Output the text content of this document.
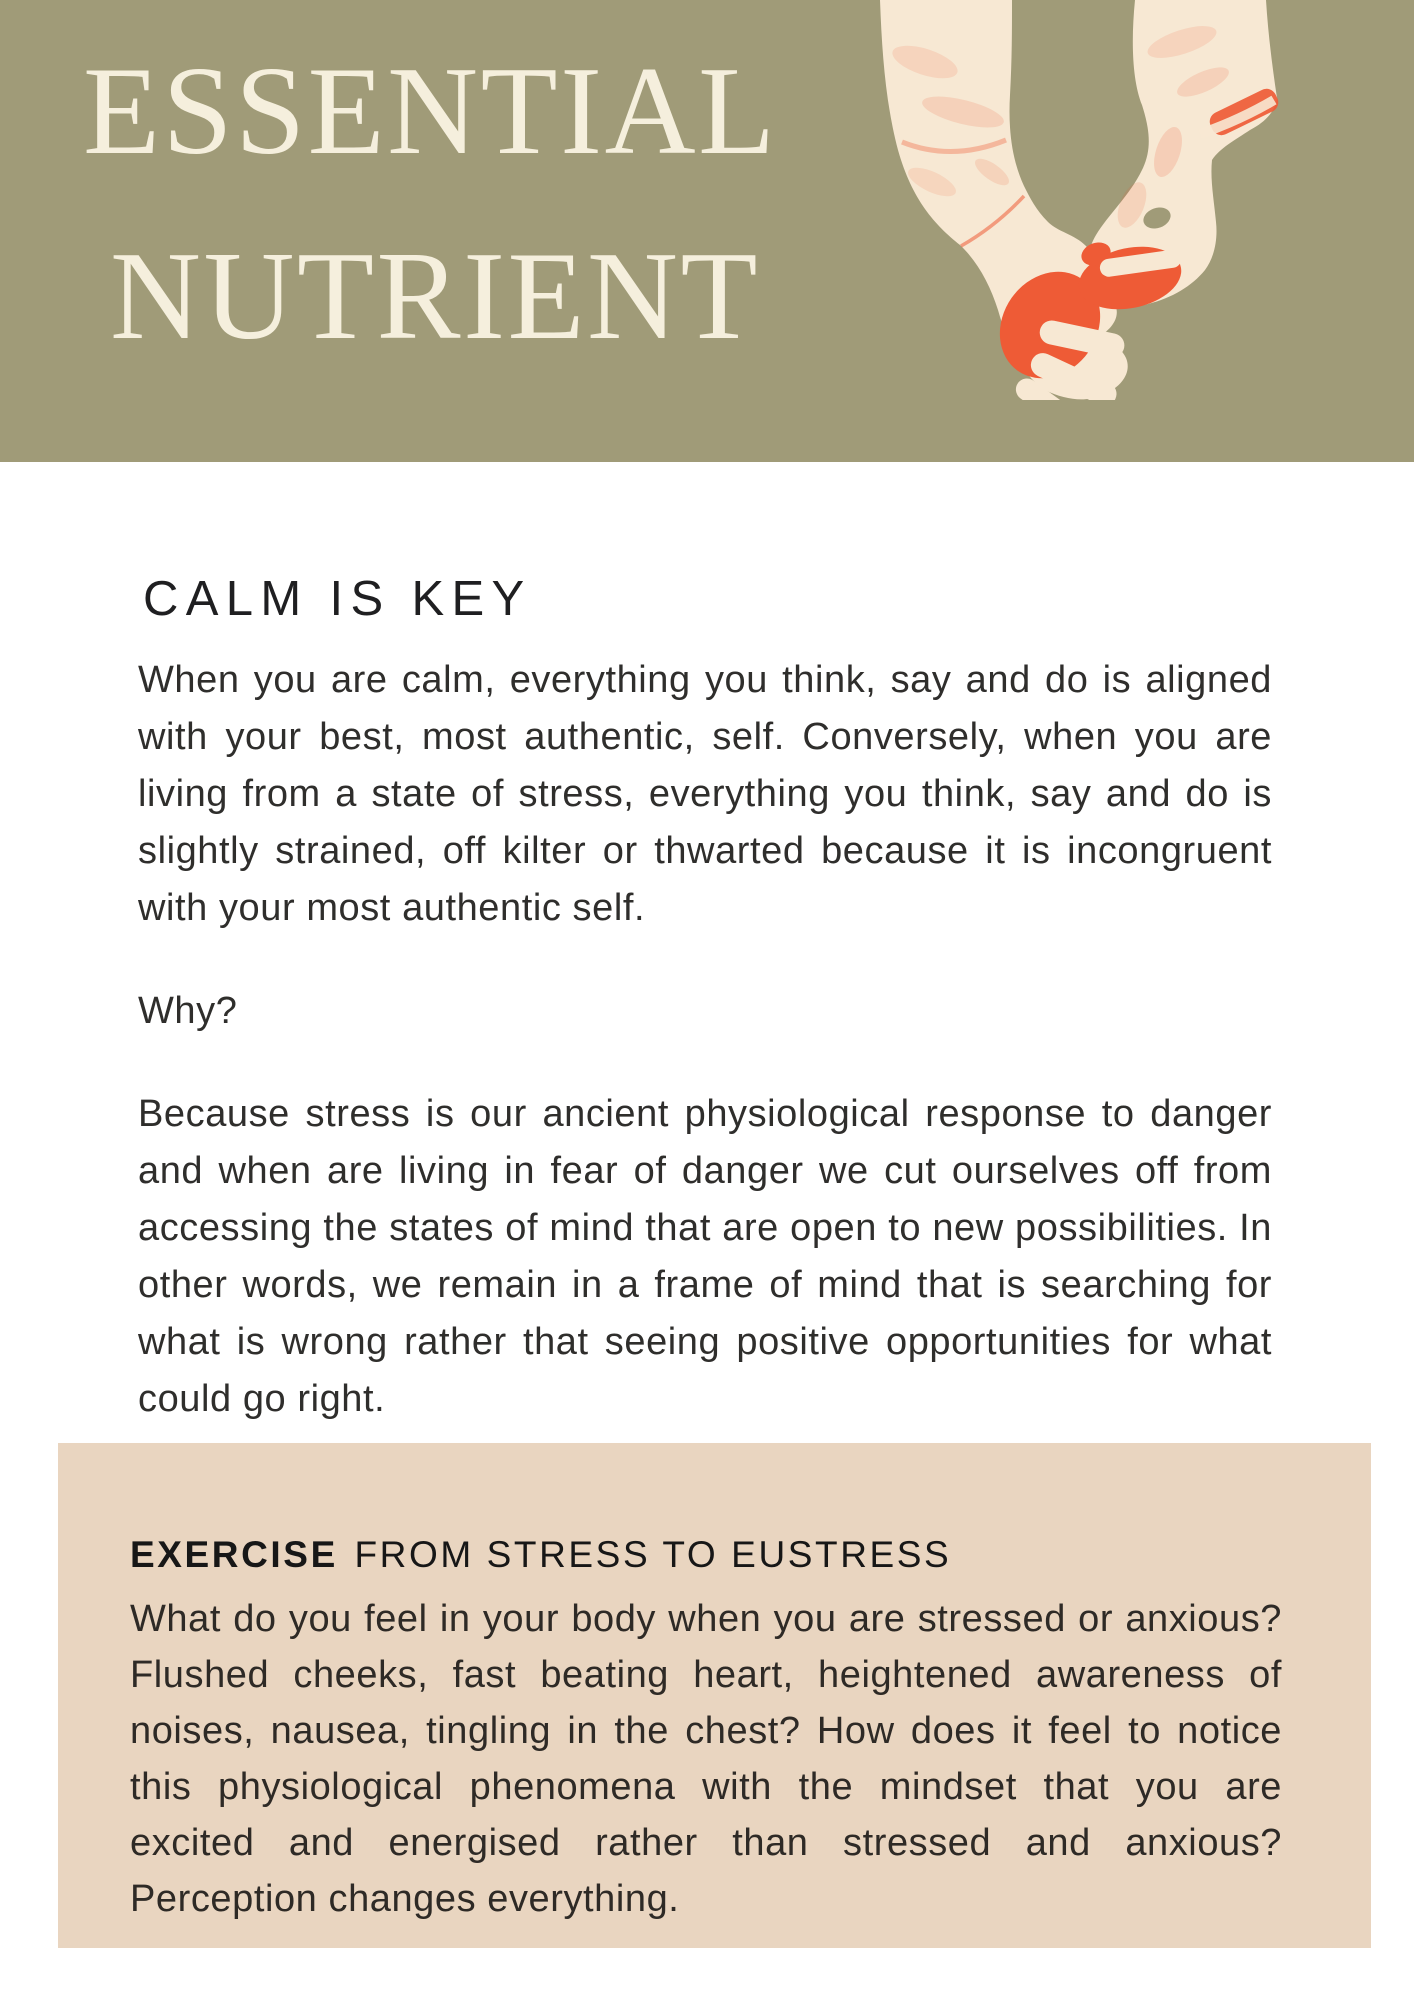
ESSENTIAL
NUTRIENT
CALM IS KEY

When you are calm, everything you think, say and do is aligned with your best, most authentic, self. Conversely, when you are living from a state of stress, everything you think, say and do is slightly strained, off kilter or thwarted because it is incongruent with your most authentic self.

Why?

Because stress is our ancient physiological response to danger and when are living in fear of danger we cut ourselves off from accessing the states of mind that are open to new possibilities. In other words, we remain in a frame of mind that is searching for what is wrong rather that seeing positive opportunities for what could go right.

EXERCISE FROM STRESS TO EUSTRESS

What do you feel in your body when you are stressed or anxious? Flushed cheeks, fast beating heart, heightened awareness of noises, nausea, tingling in the chest? How does it feel to notice this physiological phenomena with the mindset that you are excited and energised rather than stressed and anxious? Perception changes everything.
